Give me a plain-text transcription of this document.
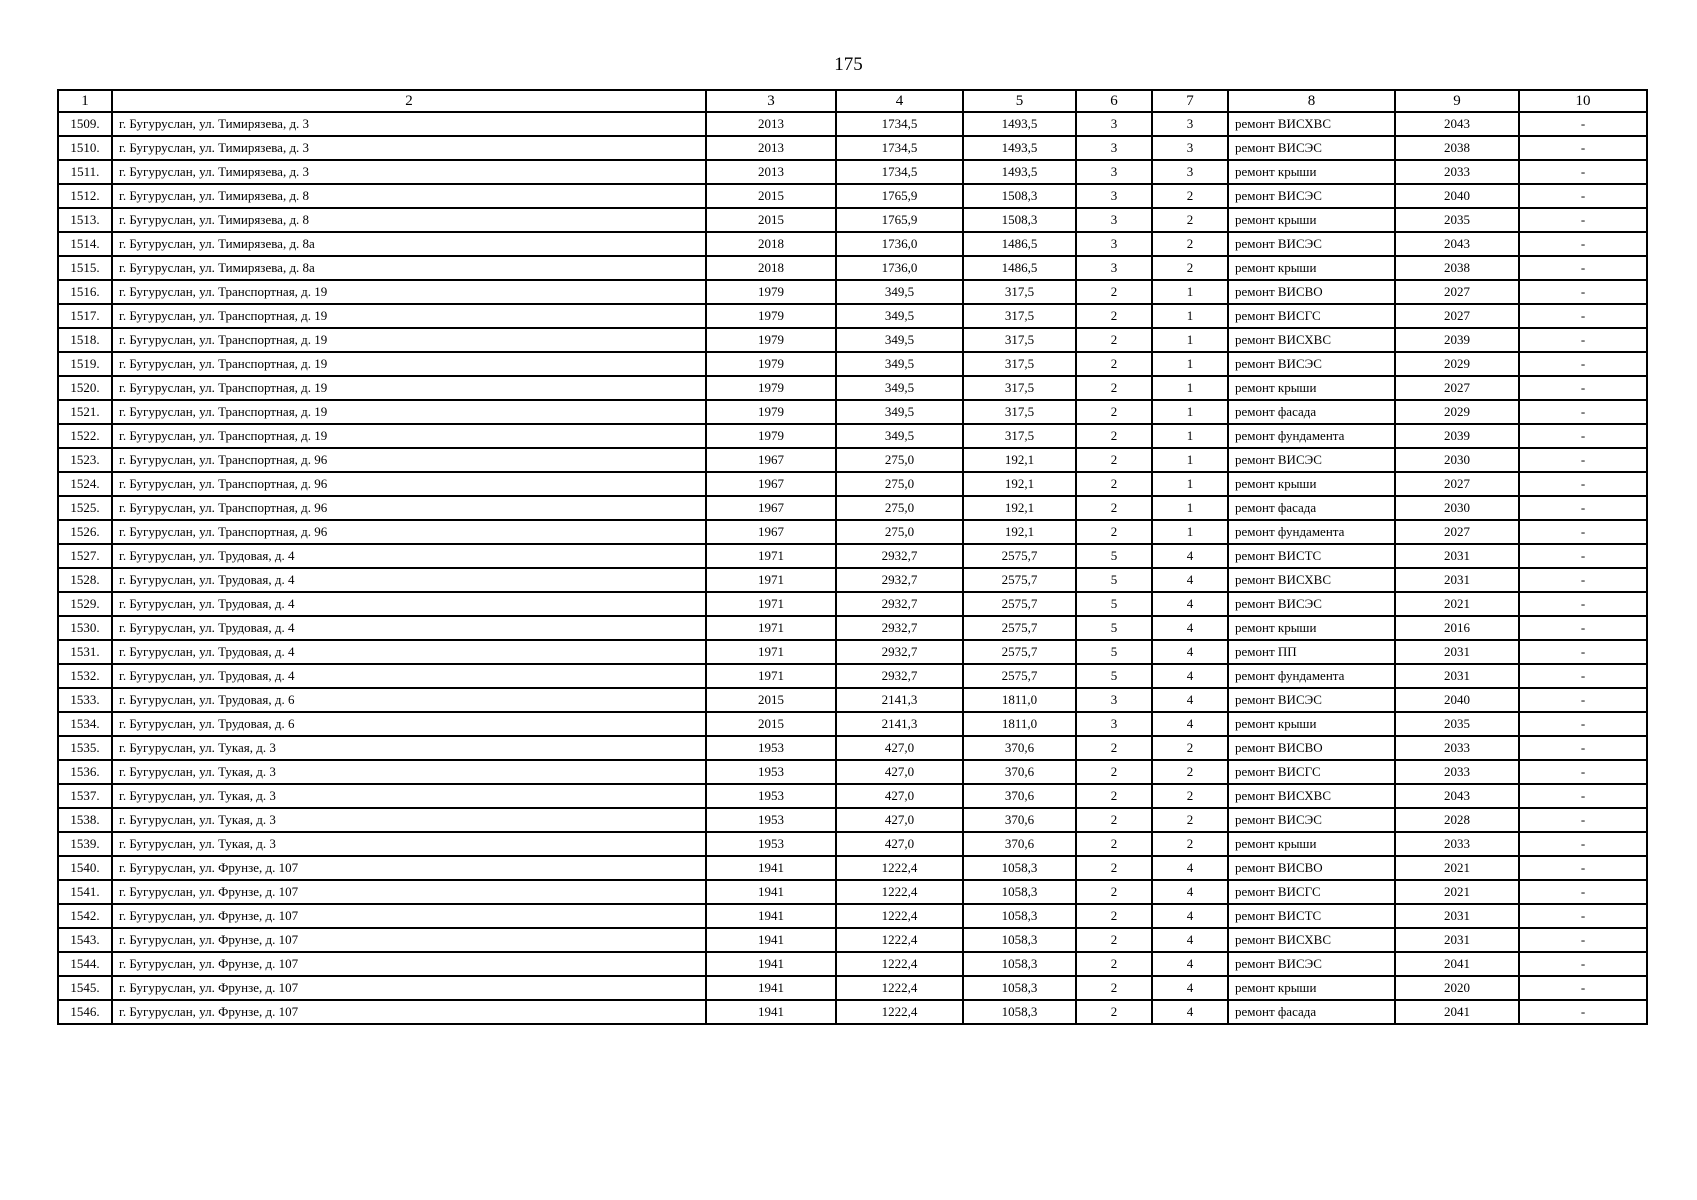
175
1	2	3	4	5	6	7	8	9	10
1509.	г. Бугуруслан, ул. Тимирязева, д. 3	2013	1734,5	1493,5	3	3	ремонт ВИСХВС	2043	-
1510.	г. Бугуруслан, ул. Тимирязева, д. 3	2013	1734,5	1493,5	3	3	ремонт ВИСЭС	2038	-
1511.	г. Бугуруслан, ул. Тимирязева, д. 3	2013	1734,5	1493,5	3	3	ремонт крыши	2033	-
1512.	г. Бугуруслан, ул. Тимирязева, д. 8	2015	1765,9	1508,3	3	2	ремонт ВИСЭС	2040	-
1513.	г. Бугуруслан, ул. Тимирязева, д. 8	2015	1765,9	1508,3	3	2	ремонт крыши	2035	-
1514.	г. Бугуруслан, ул. Тимирязева, д. 8а	2018	1736,0	1486,5	3	2	ремонт ВИСЭС	2043	-
1515.	г. Бугуруслан, ул. Тимирязева, д. 8а	2018	1736,0	1486,5	3	2	ремонт крыши	2038	-
1516.	г. Бугуруслан, ул. Транспортная, д. 19	1979	349,5	317,5	2	1	ремонт ВИСВО	2027	-
1517.	г. Бугуруслан, ул. Транспортная, д. 19	1979	349,5	317,5	2	1	ремонт ВИСГС	2027	-
1518.	г. Бугуруслан, ул. Транспортная, д. 19	1979	349,5	317,5	2	1	ремонт ВИСХВС	2039	-
1519.	г. Бугуруслан, ул. Транспортная, д. 19	1979	349,5	317,5	2	1	ремонт ВИСЭС	2029	-
1520.	г. Бугуруслан, ул. Транспортная, д. 19	1979	349,5	317,5	2	1	ремонт крыши	2027	-
1521.	г. Бугуруслан, ул. Транспортная, д. 19	1979	349,5	317,5	2	1	ремонт фасада	2029	-
1522.	г. Бугуруслан, ул. Транспортная, д. 19	1979	349,5	317,5	2	1	ремонт фундамента	2039	-
1523.	г. Бугуруслан, ул. Транспортная, д. 96	1967	275,0	192,1	2	1	ремонт ВИСЭС	2030	-
1524.	г. Бугуруслан, ул. Транспортная, д. 96	1967	275,0	192,1	2	1	ремонт крыши	2027	-
1525.	г. Бугуруслан, ул. Транспортная, д. 96	1967	275,0	192,1	2	1	ремонт фасада	2030	-
1526.	г. Бугуруслан, ул. Транспортная, д. 96	1967	275,0	192,1	2	1	ремонт фундамента	2027	-
1527.	г. Бугуруслан, ул. Трудовая, д. 4	1971	2932,7	2575,7	5	4	ремонт ВИСТС	2031	-
1528.	г. Бугуруслан, ул. Трудовая, д. 4	1971	2932,7	2575,7	5	4	ремонт ВИСХВС	2031	-
1529.	г. Бугуруслан, ул. Трудовая, д. 4	1971	2932,7	2575,7	5	4	ремонт ВИСЭС	2021	-
1530.	г. Бугуруслан, ул. Трудовая, д. 4	1971	2932,7	2575,7	5	4	ремонт крыши	2016	-
1531.	г. Бугуруслан, ул. Трудовая, д. 4	1971	2932,7	2575,7	5	4	ремонт ПП	2031	-
1532.	г. Бугуруслан, ул. Трудовая, д. 4	1971	2932,7	2575,7	5	4	ремонт фундамента	2031	-
1533.	г. Бугуруслан, ул. Трудовая, д. 6	2015	2141,3	1811,0	3	4	ремонт ВИСЭС	2040	-
1534.	г. Бугуруслан, ул. Трудовая, д. 6	2015	2141,3	1811,0	3	4	ремонт крыши	2035	-
1535.	г. Бугуруслан, ул. Тукая, д. 3	1953	427,0	370,6	2	2	ремонт ВИСВО	2033	-
1536.	г. Бугуруслан, ул. Тукая, д. 3	1953	427,0	370,6	2	2	ремонт ВИСГС	2033	-
1537.	г. Бугуруслан, ул. Тукая, д. 3	1953	427,0	370,6	2	2	ремонт ВИСХВС	2043	-
1538.	г. Бугуруслан, ул. Тукая, д. 3	1953	427,0	370,6	2	2	ремонт ВИСЭС	2028	-
1539.	г. Бугуруслан, ул. Тукая, д. 3	1953	427,0	370,6	2	2	ремонт крыши	2033	-
1540.	г. Бугуруслан, ул. Фрунзе, д. 107	1941	1222,4	1058,3	2	4	ремонт ВИСВО	2021	-
1541.	г. Бугуруслан, ул. Фрунзе, д. 107	1941	1222,4	1058,3	2	4	ремонт ВИСГС	2021	-
1542.	г. Бугуруслан, ул. Фрунзе, д. 107	1941	1222,4	1058,3	2	4	ремонт ВИСТС	2031	-
1543.	г. Бугуруслан, ул. Фрунзе, д. 107	1941	1222,4	1058,3	2	4	ремонт ВИСХВС	2031	-
1544.	г. Бугуруслан, ул. Фрунзе, д. 107	1941	1222,4	1058,3	2	4	ремонт ВИСЭС	2041	-
1545.	г. Бугуруслан, ул. Фрунзе, д. 107	1941	1222,4	1058,3	2	4	ремонт крыши	2020	-
1546.	г. Бугуруслан, ул. Фрунзе, д. 107	1941	1222,4	1058,3	2	4	ремонт фасада	2041	-
